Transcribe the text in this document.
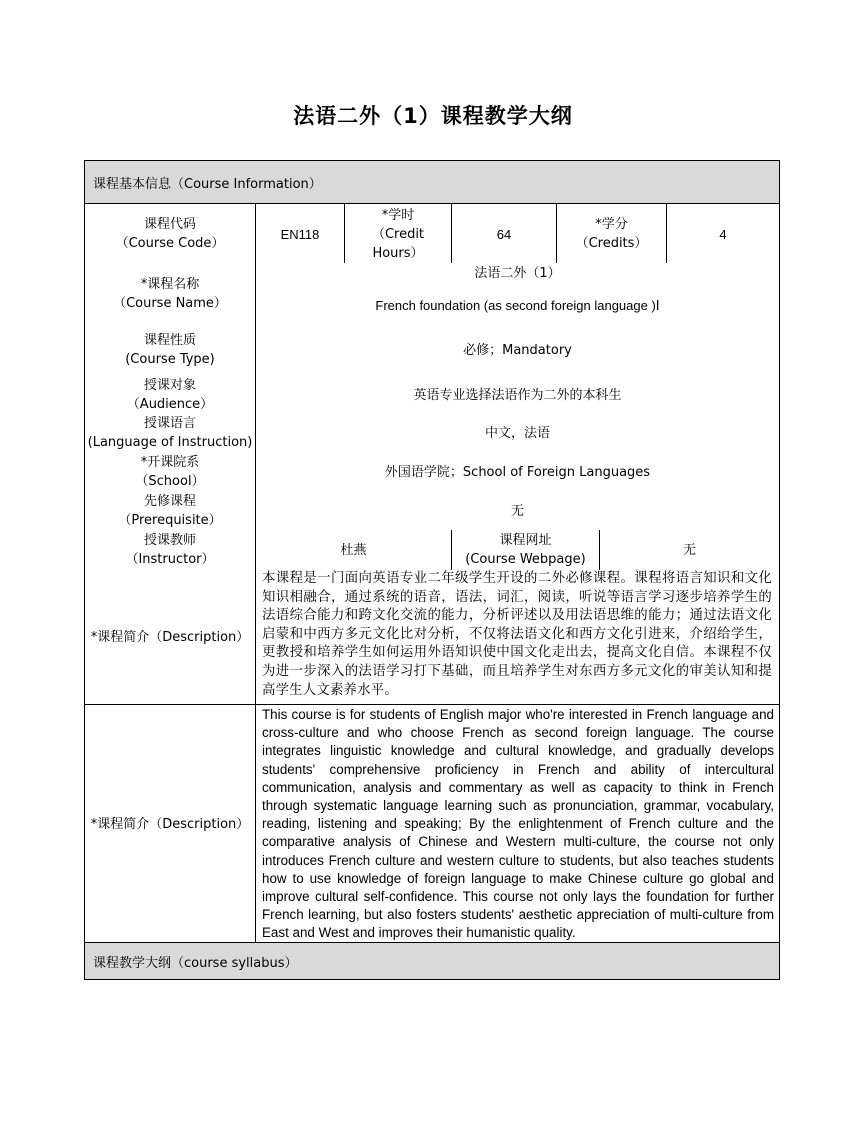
法语二外（1）课程教学大纲
课程基本信息（Course Information）
课程教学大纲（course syllabus）
课程代码
（Course Code）
EN118
*学时
（Credit
Hours）
64
*学分
（Credits）
4
*课程名称
（Course Name）
法语二外（1）
French foundation (as second foreign language )Ⅰ
课程性质
(Course Type)
必修；Mandatory
授课对象
（Audience）
英语专业选择法语作为二外的本科生
授课语言
(Language of Instruction)
中文，法语
*开课院系
（School）
外国语学院；School of Foreign Languages
先修课程
（Prerequisite）
无
授课教师
（Instructor）
杜燕
课程网址
(Course Webpage)
无
*课程简介（Description）
本课程是一门面向英语专业二年级学生开设的二外必修课程。课程将语言知识和文化知识相融合，通过系统的语音，语法，词汇，阅读，听说等语言学习逐步培养学生的法语综合能力和跨文化交流的能力，分析评述以及用法语思维的能力；通过法语文化启蒙和中西方多元文化比对分析，不仅将法语文化和西方文化引进来，介绍给学生，更教授和培养学生如何运用外语知识使中国文化走出去，提高文化自信。本课程不仅为进一步深入的法语学习打下基础，而且培养学生对东西方多元文化的审美认知和提高学生人文素养水平。
*课程简介（Description）
This course is for students of English major who're interested in French language and cross-culture and who choose French as second foreign language. The course integrates linguistic knowledge and cultural knowledge, and gradually develops students' comprehensive proficiency in French and ability of intercultural communication, analysis and commentary as well as capacity to think in French through systematic language learning such as pronunciation, grammar, vocabulary, reading, listening and speaking; By the enlightenment of French culture and the comparative analysis of Chinese and Western multi-culture, the course not only introduces French culture and western culture to students, but also teaches students how to use knowledge of foreign language to make Chinese culture go global and improve cultural self-confidence. This course not only lays the foundation for further French learning, but also fosters students' aesthetic appreciation of multi-culture from East and West and improves their humanistic quality.
